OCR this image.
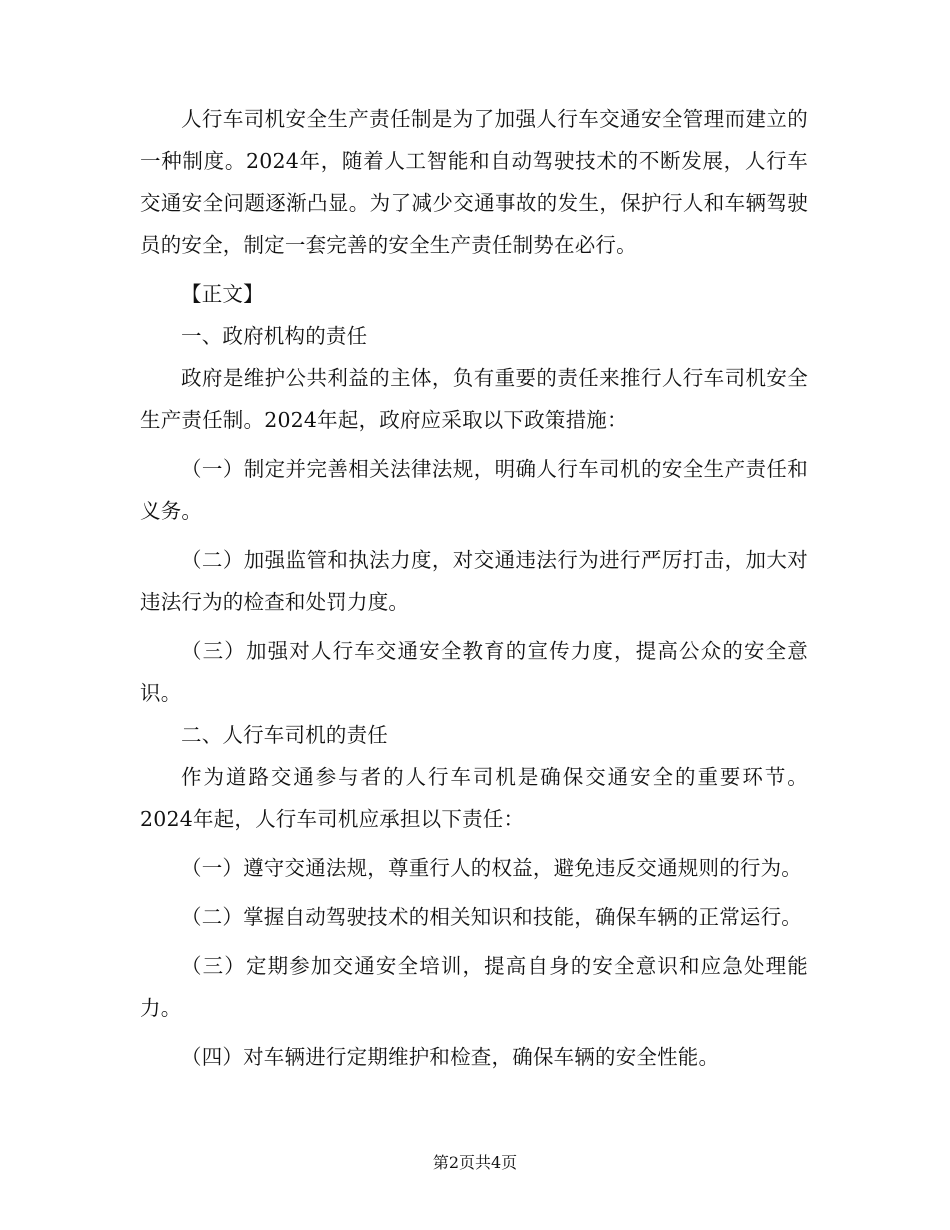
人行车司机安全生产责任制是为了加强人行车交通安全管理而建立的一种制度。2024年，随着人工智能和自动驾驶技术的不断发展，人行车交通安全问题逐渐凸显。为了减少交通事故的发生，保护行人和车辆驾驶员的安全，制定一套完善的安全生产责任制势在必行。

【正文】

一、政府机构的责任

政府是维护公共利益的主体，负有重要的责任来推行人行车司机安全生产责任制。2024年起，政府应采取以下政策措施：

（一）制定并完善相关法律法规，明确人行车司机的安全生产责任和义务。

（二）加强监管和执法力度，对交通违法行为进行严厉打击，加大对违法行为的检查和处罚力度。

（三）加强对人行车交通安全教育的宣传力度，提高公众的安全意识。

二、人行车司机的责任

作为道路交通参与者的人行车司机是确保交通安全的重要环节。2024年起，人行车司机应承担以下责任：

（一）遵守交通法规，尊重行人的权益，避免违反交通规则的行为。

（二）掌握自动驾驶技术的相关知识和技能，确保车辆的正常运行。

（三）定期参加交通安全培训，提高自身的安全意识和应急处理能力。

（四）对车辆进行定期维护和检查，确保车辆的安全性能。

第2页共4页
